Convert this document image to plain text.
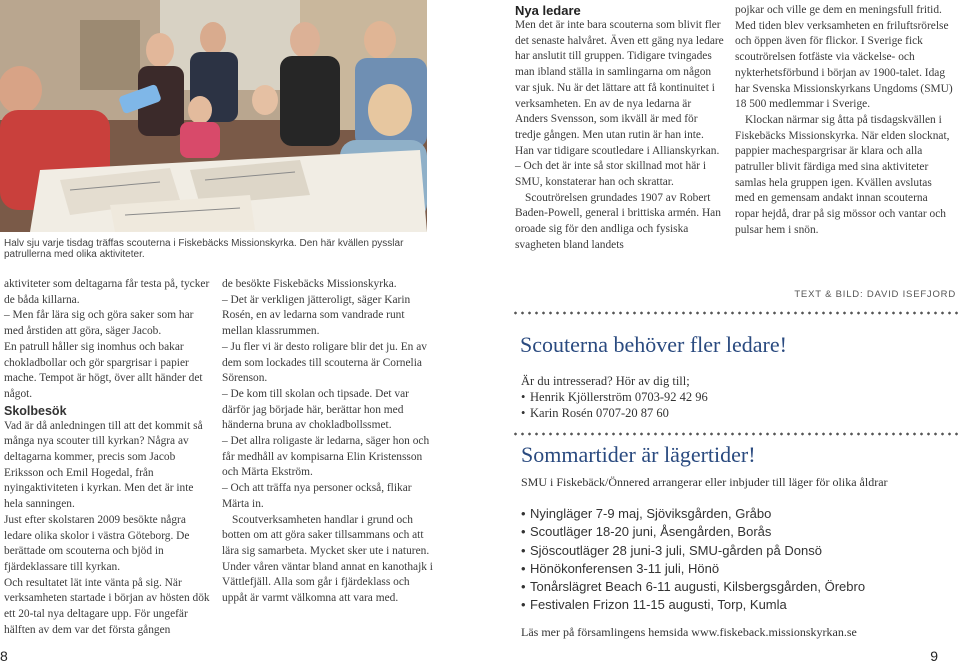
Halv sju varje tisdag träffas scouterna i Fiskebäcks Missionskyrka. Den här kvällen pysslar patrullerna med olika aktiviteter.

aktiviteter som deltagarna får testa på, tycker de båda killarna.

– Men får lära sig och göra saker som har med årstiden att göra, säger Jacob.

En patrull håller sig inomhus och bakar chokladbollar och gör spargrisar i papier mache. Tempot är högt, över allt händer det något.

Skolbesök

Vad är då anledningen till att det kommit så många nya scouter till kyrkan? Några av deltagarna kommer, precis som Jacob Eriksson och Emil Hogedal, från nyingaktiviteten i kyrkan. Men det är inte hela sanningen.

Just efter skolstaren 2009 besökte några ledare olika skolor i västra Göteborg. De berättade om scouterna och bjöd in fjärdeklassare till kyrkan.

Och resultatet lät inte vänta på sig. När verksamheten startade i början av hösten dök ett 20-tal nya deltagare upp. För ungefär hälften av dem var det första gången

de besökte Fiskebäcks Missionskyrka.

– Det är verkligen jätteroligt, säger Karin Rosén, en av ledarna som vandrade runt mellan klassrummen.

– Ju fler vi är desto roligare blir det ju. En av dem som lockades till scouterna är Cornelia Sörenson.

– De kom till skolan och tipsade. Det var därför jag började här, berättar hon med händerna bruna av chokladbollssmet.

– Det allra roligaste är ledarna, säger hon och får medhåll av kompisarna Elin Kristensson och Märta Ekström.

– Och att träffa nya personer också, flikar Märta in.

Scoutverksamheten handlar i grund och botten om att göra saker tillsammans och att lära sig samarbeta. Mycket sker ute i naturen. Under våren väntar bland annat en kanothajk i Vättlefjäll. Alla som går i fjärdeklass och uppåt är varmt välkomna att vara med.

Nya ledare

Men det är inte bara scouterna som blivit fler det senaste halvåret. Även ett gäng nya ledare har anslutit till gruppen. Tidigare tvingades man ibland ställa in samlingarna om någon var sjuk. Nu är det lättare att få kontinuitet i verksamheten. En av de nya ledarna är Anders Svensson, som ikväll är med för tredje gången. Men utan rutin är han inte. Han var tidigare scoutledare i Allianskyrkan.

– Och det är inte så stor skillnad mot här i SMU, konstaterar han och skrattar.

Scoutrörelsen grundades 1907 av Robert Baden-Powell, general i brittiska armén. Han oroade sig för den andliga och fysiska svagheten bland landets

pojkar och ville ge dem en meningsfull fritid. Med tiden blev verksamheten en friluftsrörelse och öppen även för flickor. I Sverige fick scoutrörelsen fotfäste via väckelse- och nykterhetsförbund i början av 1900-talet. Idag har Svenska Missionskyrkans Ungdoms (SMU) 18 500 medlemmar i Sverige.

Klockan närmar sig åtta på tisdagskvällen i Fiskebäcks Missionskyrka. När elden slocknat, pappier machespargrisar är klara och alla patruller blivit färdiga med sina aktiviteter samlas hela gruppen igen. Kvällen avslutas med en gemensam andakt innan scouterna ropar hejdå, drar på sig mössor och vantar och pulsar hem i snön.

TEXT & BILD: DAVID ISEFJORD
Scouterna behöver fler ledare!
Är du intresserad? Hör av dig till;
• Henrik Kjöllerström 0703-92 42 96
• Karin Rosén 0707-20 87 60
Sommartider är lägertider!
SMU i Fiskebäck/Önnered arrangerar eller inbjuder till läger för olika åldrar
• Nyingläger 7-9 maj, Sjöviksgården, Gråbo
• Scoutläger 18-20 juni, Åsengården, Borås
• Sjöscoutläger 28 juni-3 juli, SMU-gården på Donsö
• Hönökonferensen 3-11 juli, Hönö
• Tonårslägret Beach 6-11 augusti, Kilsbergsgården, Örebro
• Festivalen Frizon 11-15 augusti, Torp, Kumla
Läs mer på församlingens hemsida www.fiskeback.missionskyrkan.se
8	9
